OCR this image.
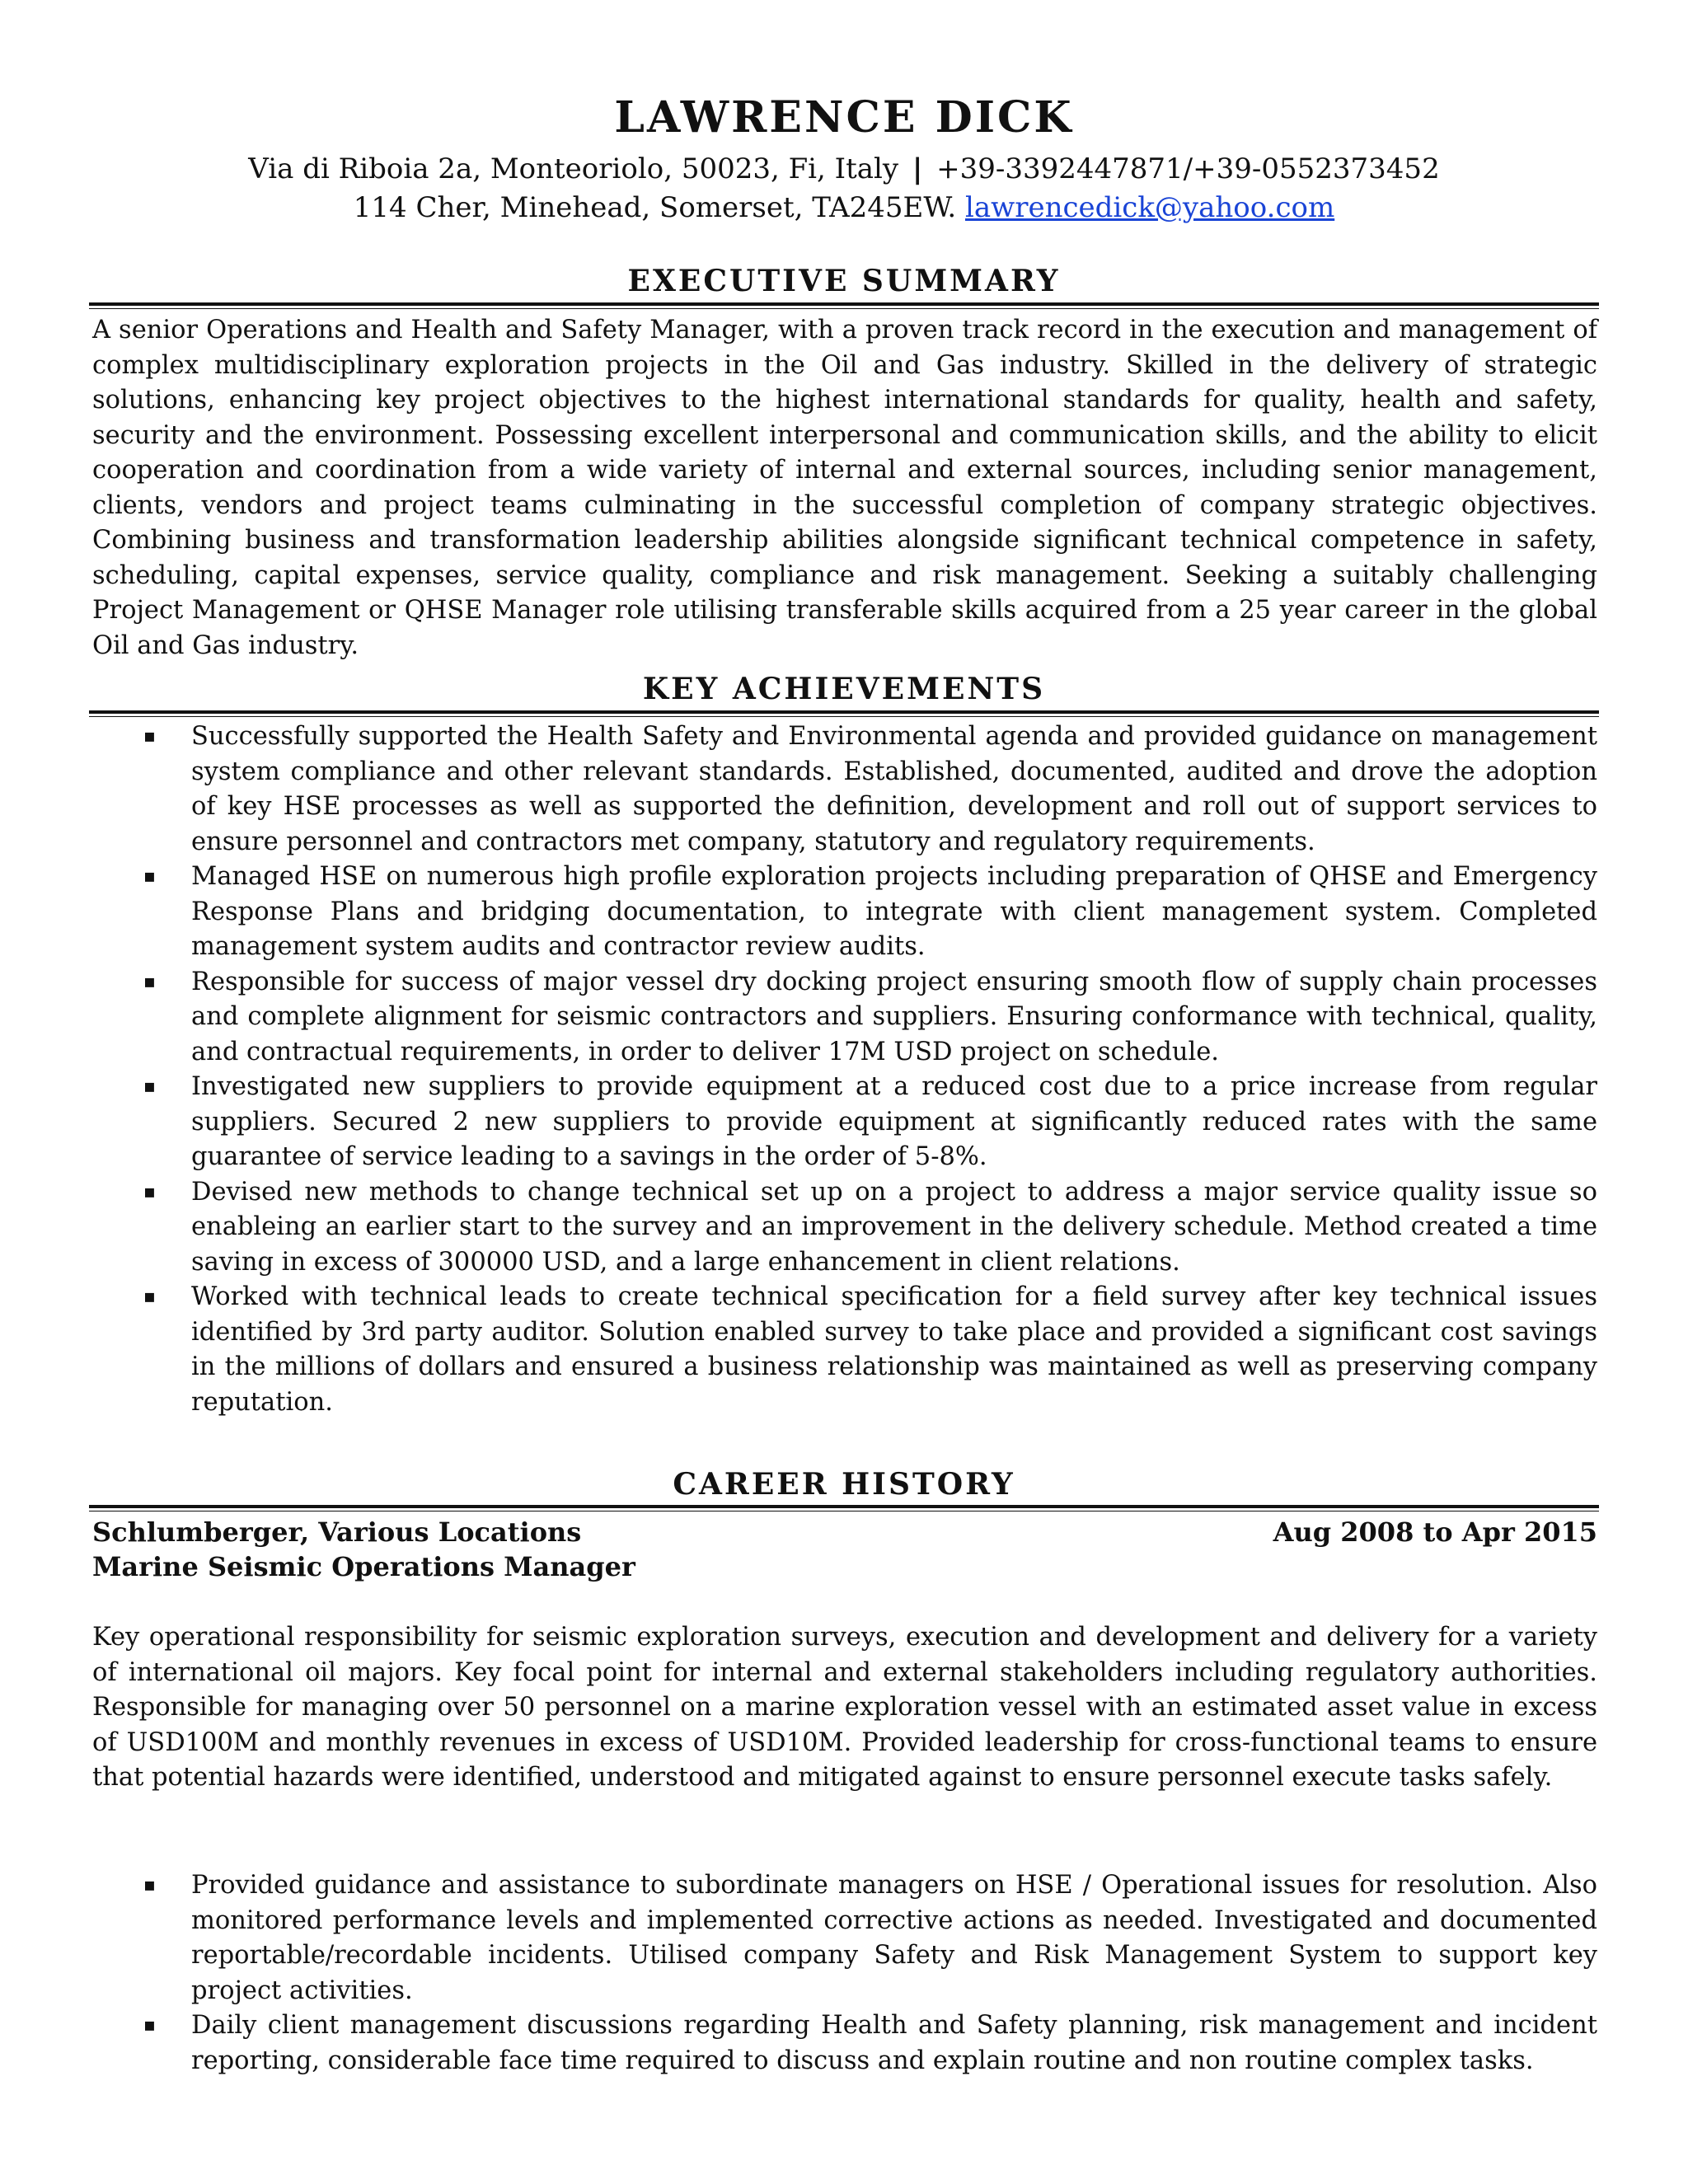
LAWRENCE DICK
Via di Riboia 2a, Monteoriolo, 50023, Fi, Italy | +39-3392447871/+39-0552373452
114 Cher, Minehead, Somerset, TA245EW. lawrencedick@yahoo.com
EXECUTIVE SUMMARY
A senior Operations and Health and Safety Manager, with a proven track record in the execution and management of complex multidisciplinary exploration projects in the Oil and Gas industry. Skilled in the delivery of strategic solutions, enhancing key project objectives to the highest international standards for quality, health and safety, security and the environment. Possessing excellent interpersonal and communication skills, and the ability to elicit cooperation and coordination from a wide variety of internal and external sources, including senior management, clients, vendors and project teams culminating in the successful completion of company strategic objectives. Combining business and transformation leadership abilities alongside significant technical competence in safety, scheduling, capital expenses, service quality, compliance and risk management. Seeking a suitably challenging Project Management or QHSE Manager role utilising transferable skills acquired from a 25 year career in the global Oil and Gas industry.
KEY ACHIEVEMENTS
▪ Successfully supported the Health Safety and Environmental agenda and provided guidance on management system compliance and other relevant standards. Established, documented, audited and drove the adoption of key HSE processes as well as supported the definition, development and roll out of support services to ensure personnel and contractors met company, statutory and regulatory requirements.
▪ Managed HSE on numerous high profile exploration projects including preparation of QHSE and Emergency Response Plans and bridging documentation, to integrate with client management system. Completed management system audits and contractor review audits.
▪ Responsible for success of major vessel dry docking project ensuring smooth flow of supply chain processes and complete alignment for seismic contractors and suppliers. Ensuring conformance with technical, quality, and contractual requirements, in order to deliver 17M USD project on schedule.
▪ Investigated new suppliers to provide equipment at a reduced cost due to a price increase from regular suppliers. Secured 2 new suppliers to provide equipment at significantly reduced rates with the same guarantee of service leading to a savings in the order of 5-8%.
▪ Devised new methods to change technical set up on a project to address a major service quality issue so enableing an earlier start to the survey and an improvement in the delivery schedule. Method created a time saving in excess of 300000 USD, and a large enhancement in client relations.
▪ Worked with technical leads to create technical specification for a field survey after key technical issues identified by 3rd party auditor. Solution enabled survey to take place and provided a significant cost savings in the millions of dollars and ensured a business relationship was maintained as well as preserving company reputation.
CAREER HISTORY
Schlumberger, Various Locations	Aug 2008 to Apr 2015
Marine Seismic Operations Manager
Key operational responsibility for seismic exploration surveys, execution and development and delivery for a variety of international oil majors. Key focal point for internal and external stakeholders including regulatory authorities. Responsible for managing over 50 personnel on a marine exploration vessel with an estimated asset value in excess of USD100M and monthly revenues in excess of USD10M. Provided leadership for cross-functional teams to ensure that potential hazards were identified, understood and mitigated against to ensure personnel execute tasks safely.
▪ Provided guidance and assistance to subordinate managers on HSE / Operational issues for resolution. Also monitored performance levels and implemented corrective actions as needed. Investigated and documented reportable/recordable incidents. Utilised company Safety and Risk Management System to support key project activities.
▪ Daily client management discussions regarding Health and Safety planning, risk management and incident reporting, considerable face time required to discuss and explain routine and non routine complex tasks.
